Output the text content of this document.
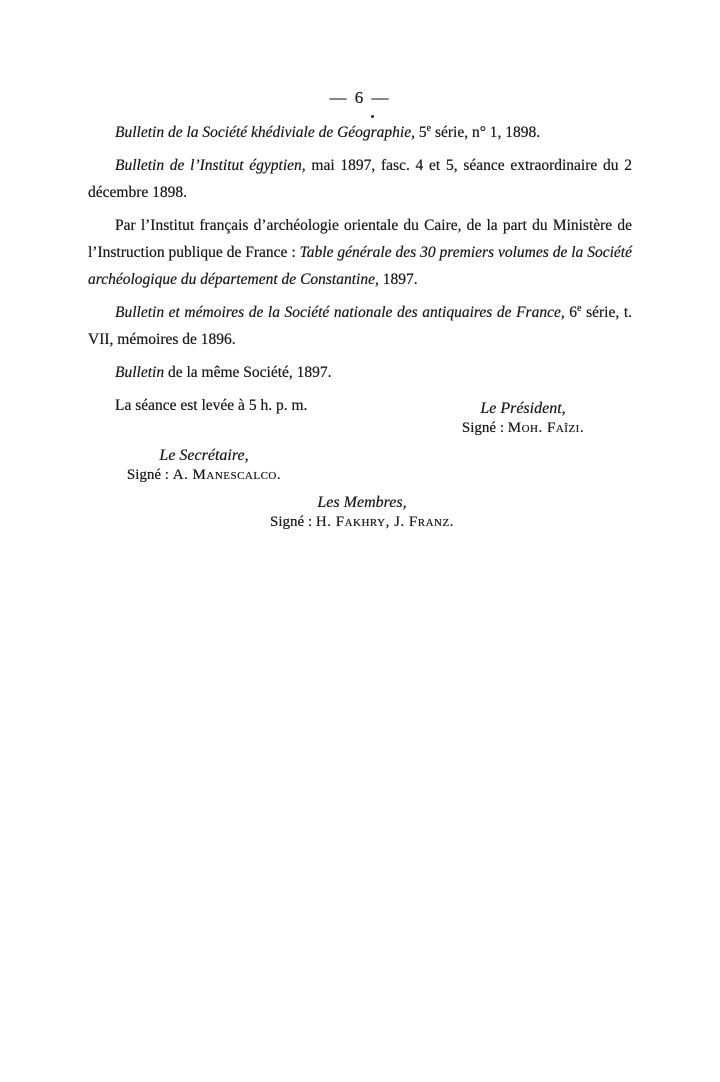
— 6 —

Bulletin de la Société khédiviale de Géographie, 5e série, n° 1, 1898.

Bulletin de l’Institut égyptien, mai 1897, fasc. 4 et 5, séance extraordinaire du 2 décembre 1898.

Par l’Institut français d’archéologie orientale du Caire, de la part du Ministère de l’Instruction publique de France : Table générale des 30 premiers volumes de la Société archéologique du département de Constantine, 1897.

Bulletin et mémoires de la Société nationale des antiquaires de France, 6e série, t. VII, mémoires de 1896.

Bulletin de la même Société, 1897.

La séance est levée à 5 h. p. m.	Le Président,
Signé : Moh. Faîzi.
Le Secrétaire,
Signé : A. Manescalco.
Les Membres,
Signé : H. Fakhry, J. Franz.
